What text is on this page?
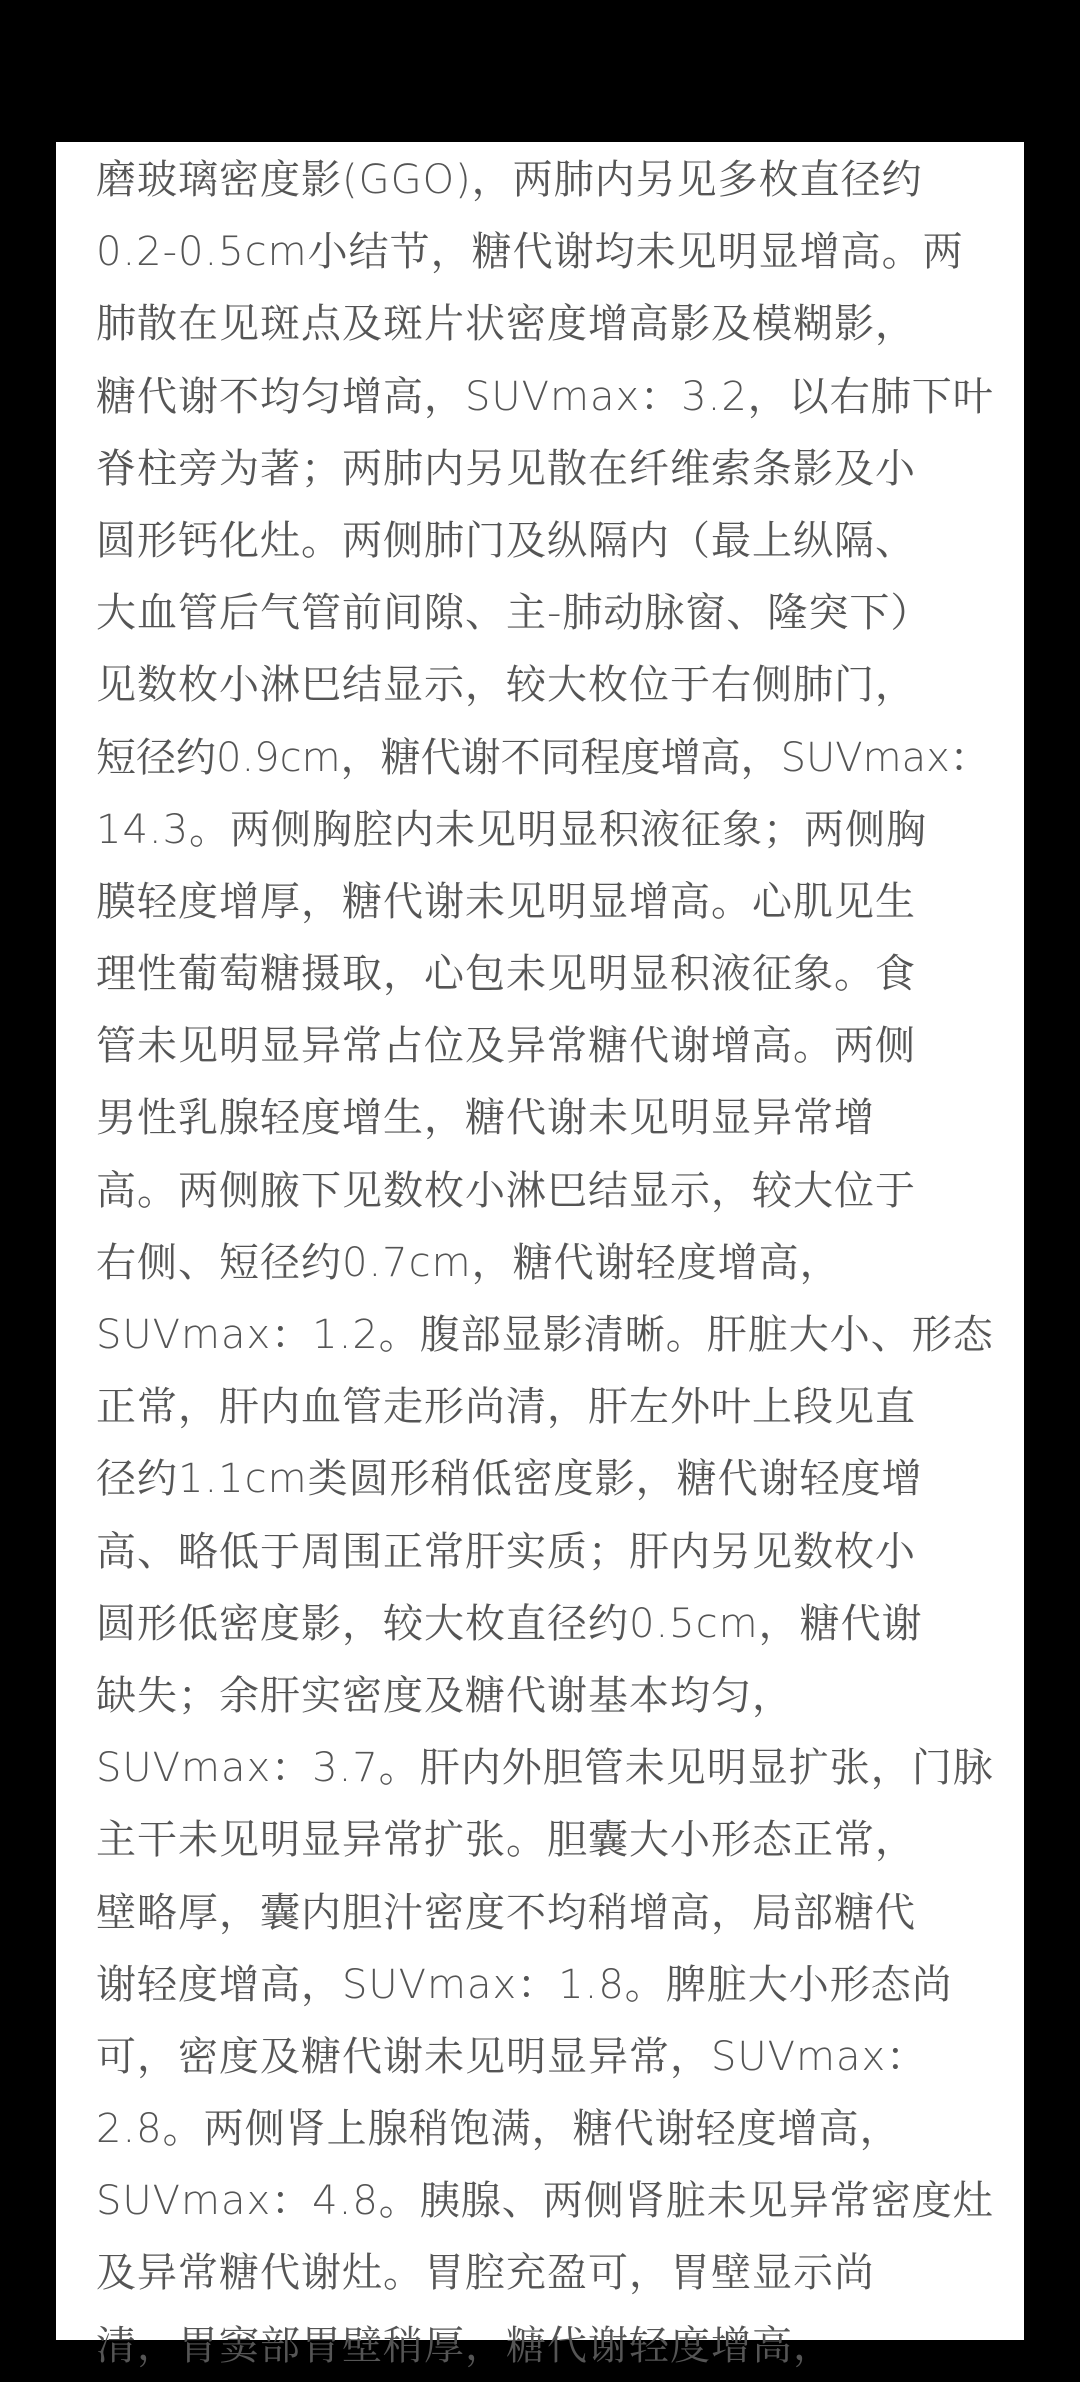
磨玻璃密度影(GGO)，两肺内另见多枚直径约
0.2-0.5cm小结节，糖代谢均未见明显增高。两
肺散在见斑点及斑片状密度增高影及模糊影，
糖代谢不均匀增高，SUVmax：3.2，以右肺下叶
脊柱旁为著；两肺内另见散在纤维索条影及小
圆形钙化灶。两侧肺门及纵隔内（最上纵隔、
大血管后气管前间隙、主-肺动脉窗、隆突下）
见数枚小淋巴结显示，较大枚位于右侧肺门，
短径约0.9cm，糖代谢不同程度增高，SUVmax：
14.3。两侧胸腔内未见明显积液征象；两侧胸
膜轻度增厚，糖代谢未见明显增高。心肌见生
理性葡萄糖摄取，心包未见明显积液征象。食
管未见明显异常占位及异常糖代谢增高。两侧
男性乳腺轻度增生，糖代谢未见明显异常增
高。两侧腋下见数枚小淋巴结显示，较大位于
右侧、短径约0.7cm，糖代谢轻度增高，
SUVmax：1.2。腹部显影清晰。肝脏大小、形态
正常，肝内血管走形尚清，肝左外叶上段见直
径约1.1cm类圆形稍低密度影，糖代谢轻度增
高、略低于周围正常肝实质；肝内另见数枚小
圆形低密度影，较大枚直径约0.5cm，糖代谢
缺失；余肝实密度及糖代谢基本均匀，
SUVmax：3.7。肝内外胆管未见明显扩张，门脉
主干未见明显异常扩张。胆囊大小形态正常，
壁略厚，囊内胆汁密度不均稍增高，局部糖代
谢轻度增高，SUVmax：1.8。脾脏大小形态尚
可，密度及糖代谢未见明显异常，SUVmax：
2.8。两侧肾上腺稍饱满，糖代谢轻度增高，
SUVmax：4.8。胰腺、两侧肾脏未见异常密度灶
及异常糖代谢灶。胃腔充盈可，胃壁显示尚
清，胃窦部胃壁稍厚，糖代谢轻度增高，
